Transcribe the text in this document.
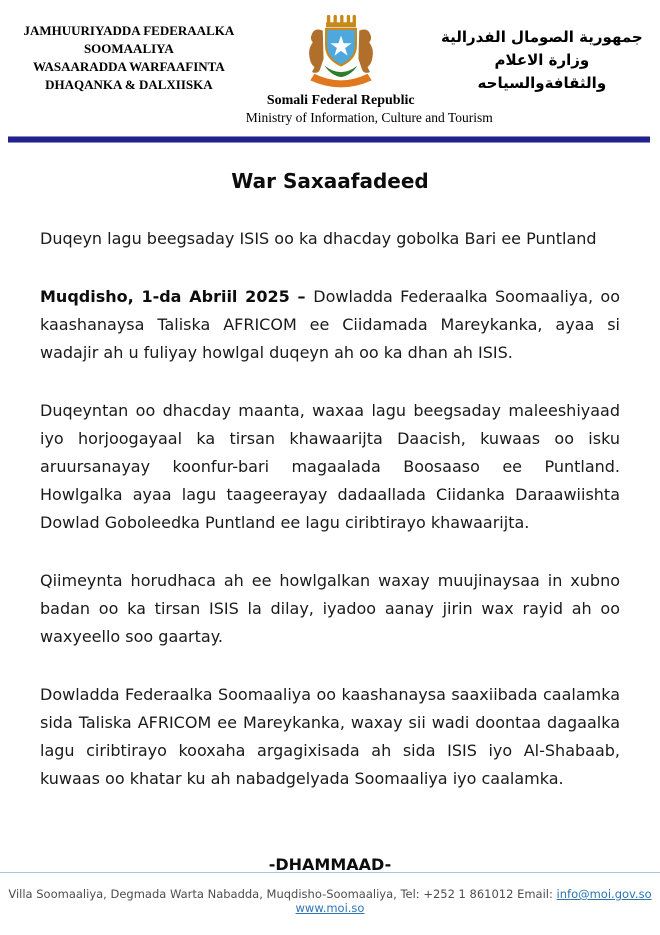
JAMHUURIYADDA FEDERAALKA
SOOMAALIYA
WASAARADDA WARFAAFINTA
DHAQANKA & DALXIISKA
Somali Federal Republic
Ministry of Information, Culture and Tourism
جمهورية الصومال الفدرالية
وزارة الاعلام
والثقافةوالسياحه
War Saxaafadeed
Duqeyn lagu beegsaday ISIS oo ka dhacday gobolka Bari ee Puntland

Muqdisho, 1-da Abriil 2025 – Dowladda Federaalka Soomaaliya, oo kaashanaysa Taliska AFRICOM ee Ciidamada Mareykanka, ayaa si wadajir ah u fuliyay howlgal duqeyn ah oo ka dhan ah ISIS.

Duqeyntan oo dhacday maanta, waxaa lagu beegsaday maleeshiyaad iyo horjoogayaal ka tirsan khawaarijta Daacish, kuwaas oo isku aruursanayay koonfur-bari magaalada Boosaaso ee Puntland. Howlgalka ayaa lagu taageerayay dadaallada Ciidanka Daraawiishta Dowlad Goboleedka Puntland ee lagu ciribtirayo khawaarijta.

Qiimeynta horudhaca ah ee howlgalkan waxay muujinaysaa in xubno badan oo ka tirsan ISIS la dilay, iyadoo aanay jirin wax rayid ah oo waxyeello soo gaartay.

Dowladda Federaalka Soomaaliya oo kaashanaysa saaxiibada caalamka sida Taliska AFRICOM ee Mareykanka, waxay sii wadi doontaa dagaalka lagu ciribtirayo kooxaha argagixisada ah sida ISIS iyo Al-Shabaab, kuwaas oo khatar ku ah nabadgelyada Soomaaliya iyo caalamka.

-DHAMMAAD-
Villa Soomaaliya, Degmada Warta Nabadda, Muqdisho-Soomaaliya, Tel: +252 1 861012 Email: info@moi.gov.so www.moi.so
